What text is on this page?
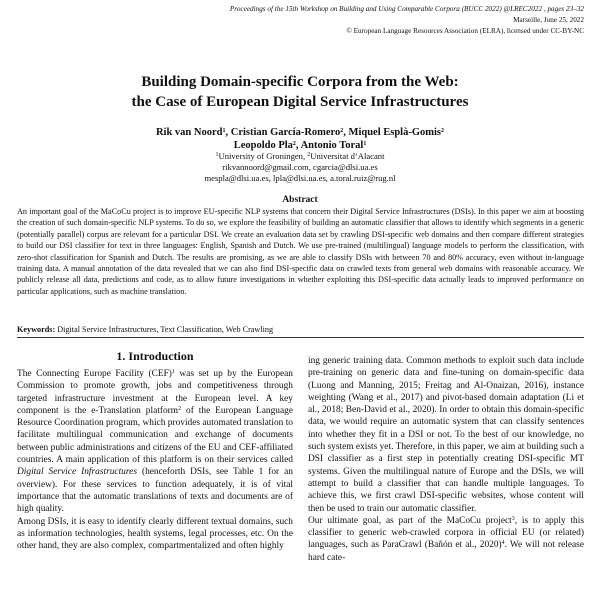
Proceedings of the 15th Workshop on Building and Using Comparable Corpora (BUCC 2022) @LREC2022 , pages 23–32
Marseille, June 25, 2022
© European Language Resources Association (ELRA), licensed under CC-BY-NC
Building Domain-specific Corpora from the Web:
the Case of European Digital Service Infrastructures
Rik van Noord$^1$, Cristian García-Romero$^2$, Miquel Esplà-Gomis$^2$
Leopoldo Pla$^2$, Antonio Toral$^1$
$^1$University of Groningen, $^2$Universitat d’Alacant
rikvannoord@gmail.com, cgarcia@dlsi.ua.es
mespla@dlsi.ua.es, lpla@dlsi.ua.es, a.toral.ruiz@rug.nl
Abstract
An important goal of the MaCoCu project is to improve EU-specific NLP systems that concern their Digital Service Infrastructures (DSIs). In this paper we aim at boosting the creation of such domain-specific NLP systems. To do so, we explore the feasibility of building an automatic classifier that allows to identify which segments in a generic (potentially parallel) corpus are relevant for a particular DSI. We create an evaluation data set by crawling DSI-specific web domains and then compare different strategies to build our DSI classifier for text in three languages: English, Spanish and Dutch. We use pre-trained (multilingual) language models to perform the classification, with zero-shot classification for Spanish and Dutch. The results are promising, as we are able to classify DSIs with between 70 and 80% accuracy, even without in-language training data. A manual annotation of the data revealed that we can also find DSI-specific data on crawled texts from general web domains with reasonable accuracy. We publicly release all data, predictions and code, as to allow future investigations in whether exploiting this DSI-specific data actually leads to improved performance on particular applications, such as machine translation.
Keywords: Digital Service Infrastructures, Text Classification, Web Crawling
1. Introduction

The Connecting Europe Facility (CEF)$^1$ was set up by the European Commission to promote growth, jobs and competitiveness through targeted infrastructure investment at the European level. A key component is the e-Translation platform$^2$ of the European Language Resource Coordination program, which provides automated translation to facilitate multilingual communication and exchange of documents between public administrations and citizens of the EU and CEF-affiliated countries. A main application of this platform is on their services called Digital Service Infrastructures (henceforth DSIs, see Table 1 for an overview). For these services to function adequately, it is of vital importance that the automatic translations of texts and documents are of high quality.

Among DSIs, it is easy to identify clearly different textual domains, such as information technologies, health systems, legal processes, etc. On the other hand, they are also complex, compartmentalized and often highly

ing generic training data. Common methods to exploit such data include pre-training on generic data and fine-tuning on domain-specific data (Luong and Manning, 2015; Freitag and Al-Onaizan, 2016), instance weighting (Wang et al., 2017) and pivot-based domain adaptation (Li et al., 2018; Ben-David et al., 2020). In order to obtain this domain-specific data, we would require an automatic system that can classify sentences into whether they fit in a DSI or not. To the best of our knowledge, no such system exists yet. Therefore, in this paper, we aim at building such a DSI classifier as a first step in potentially creating DSI-specific MT systems. Given the multilingual nature of Europe and the DSIs, we will attempt to build a classifier that can handle multiple languages. To achieve this, we first crawl DSI-specific websites, whose content will then be used to train our automatic classifier.

Our ultimate goal, as part of the MaCoCu project$^3$, is to apply this classifier to generic web-crawled corpora in official EU (or related) languages, such as ParaCrawl (Bañón et al., 2020)$^4$. We will not release hard cate-
